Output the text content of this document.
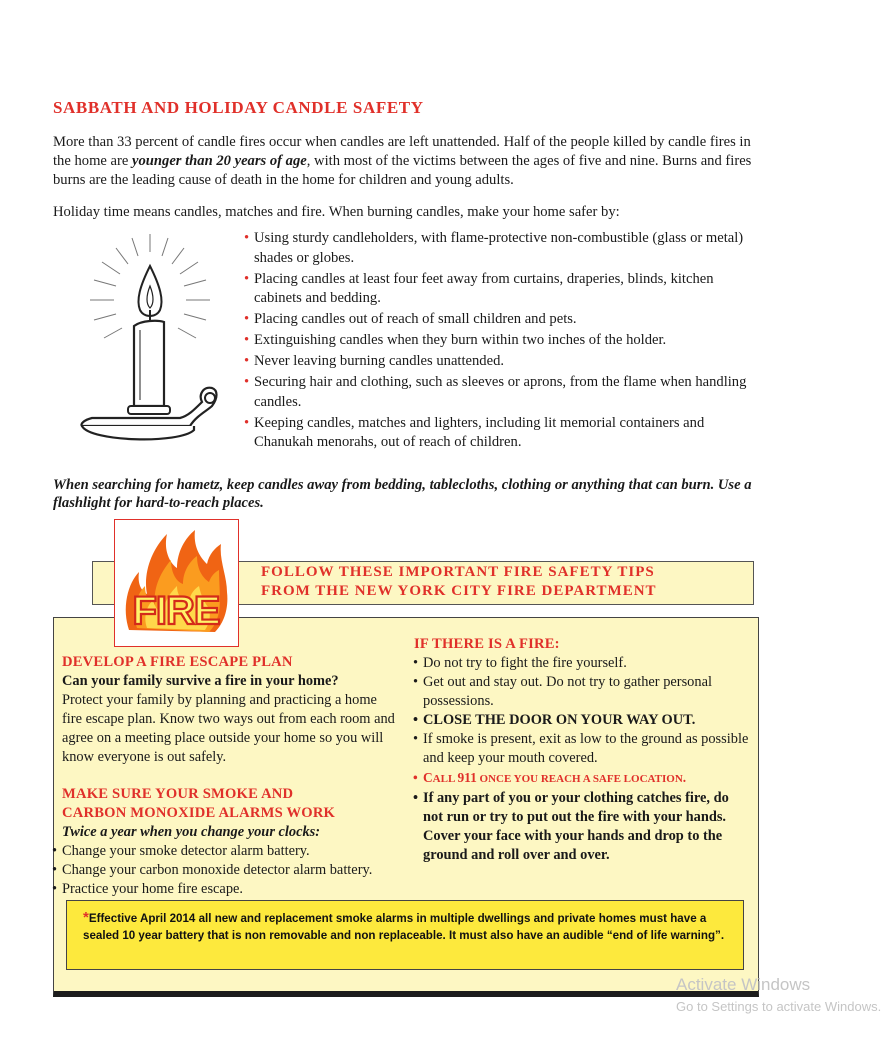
SABBATH AND HOLIDAY CANDLE SAFETY

More than 33 percent of candle fires occur when candles are left unattended. Half of the people killed by candle fires in the home are younger than 20 years of age, with most of the victims between the ages of five and nine. Burns and fires burns are the leading cause of death in the home for children and young adults.

Holiday time means candles, matches and fire. When burning candles, make your home safer by:

• Using sturdy candleholders, with flame-protective non-combustible (glass or metal) shades or globes.
• Placing candles at least four feet away from curtains, draperies, blinds, kitchen cabinets and bedding.
• Placing candles out of reach of small children and pets.
• Extinguishing candles when they burn within two inches of the holder.
• Never leaving burning candles unattended.
• Securing hair and clothing, such as sleeves or aprons, from the flame when handling candles.
• Keeping candles, matches and lighters, including lit memorial containers and Chanukah menorahs, out of reach of children.

When searching for hametz, keep candles away from bedding, tablecloths, clothing or anything that can burn. Use a flashlight for hard-to-reach places.

FOLLOW THESE IMPORTANT FIRE SAFETY TIPS
FROM THE NEW YORK CITY FIRE DEPARTMENT
FIRE
DEVELOP A FIRE ESCAPE PLAN
Can your family survive a fire in your home?
Protect your family by planning and practicing a home fire escape plan. Know two ways out from each room and agree on a meeting place outside your home so you will know everyone is out safely.
MAKE SURE YOUR SMOKE AND
CARBON MONOXIDE ALARMS WORK
Twice a year when you change your clocks:
• Change your smoke detector alarm battery.
• Change your carbon monoxide detector alarm battery.
• Practice your home fire escape.
IF THERE IS A FIRE:
• Do not try to fight the fire yourself.
• Get out and stay out. Do not try to gather personal possessions.
• CLOSE THE DOOR ON YOUR WAY OUT.
• If smoke is present, exit as low to the ground as possible and keep your mouth covered.
• CALL 911 ONCE YOU REACH A SAFE LOCATION.
• If any part of you or your clothing catches fire, do not run or try to put out the fire with your hands. Cover your face with your hands and drop to the ground and roll over and over.
*Effective April 2014 all new and replacement smoke alarms in multiple dwellings and private homes must have a sealed 10 year battery that is non removable and non replaceable. It must also have an audible “end of life warning”.
Activate Windows
Go to Settings to activate Windows.
